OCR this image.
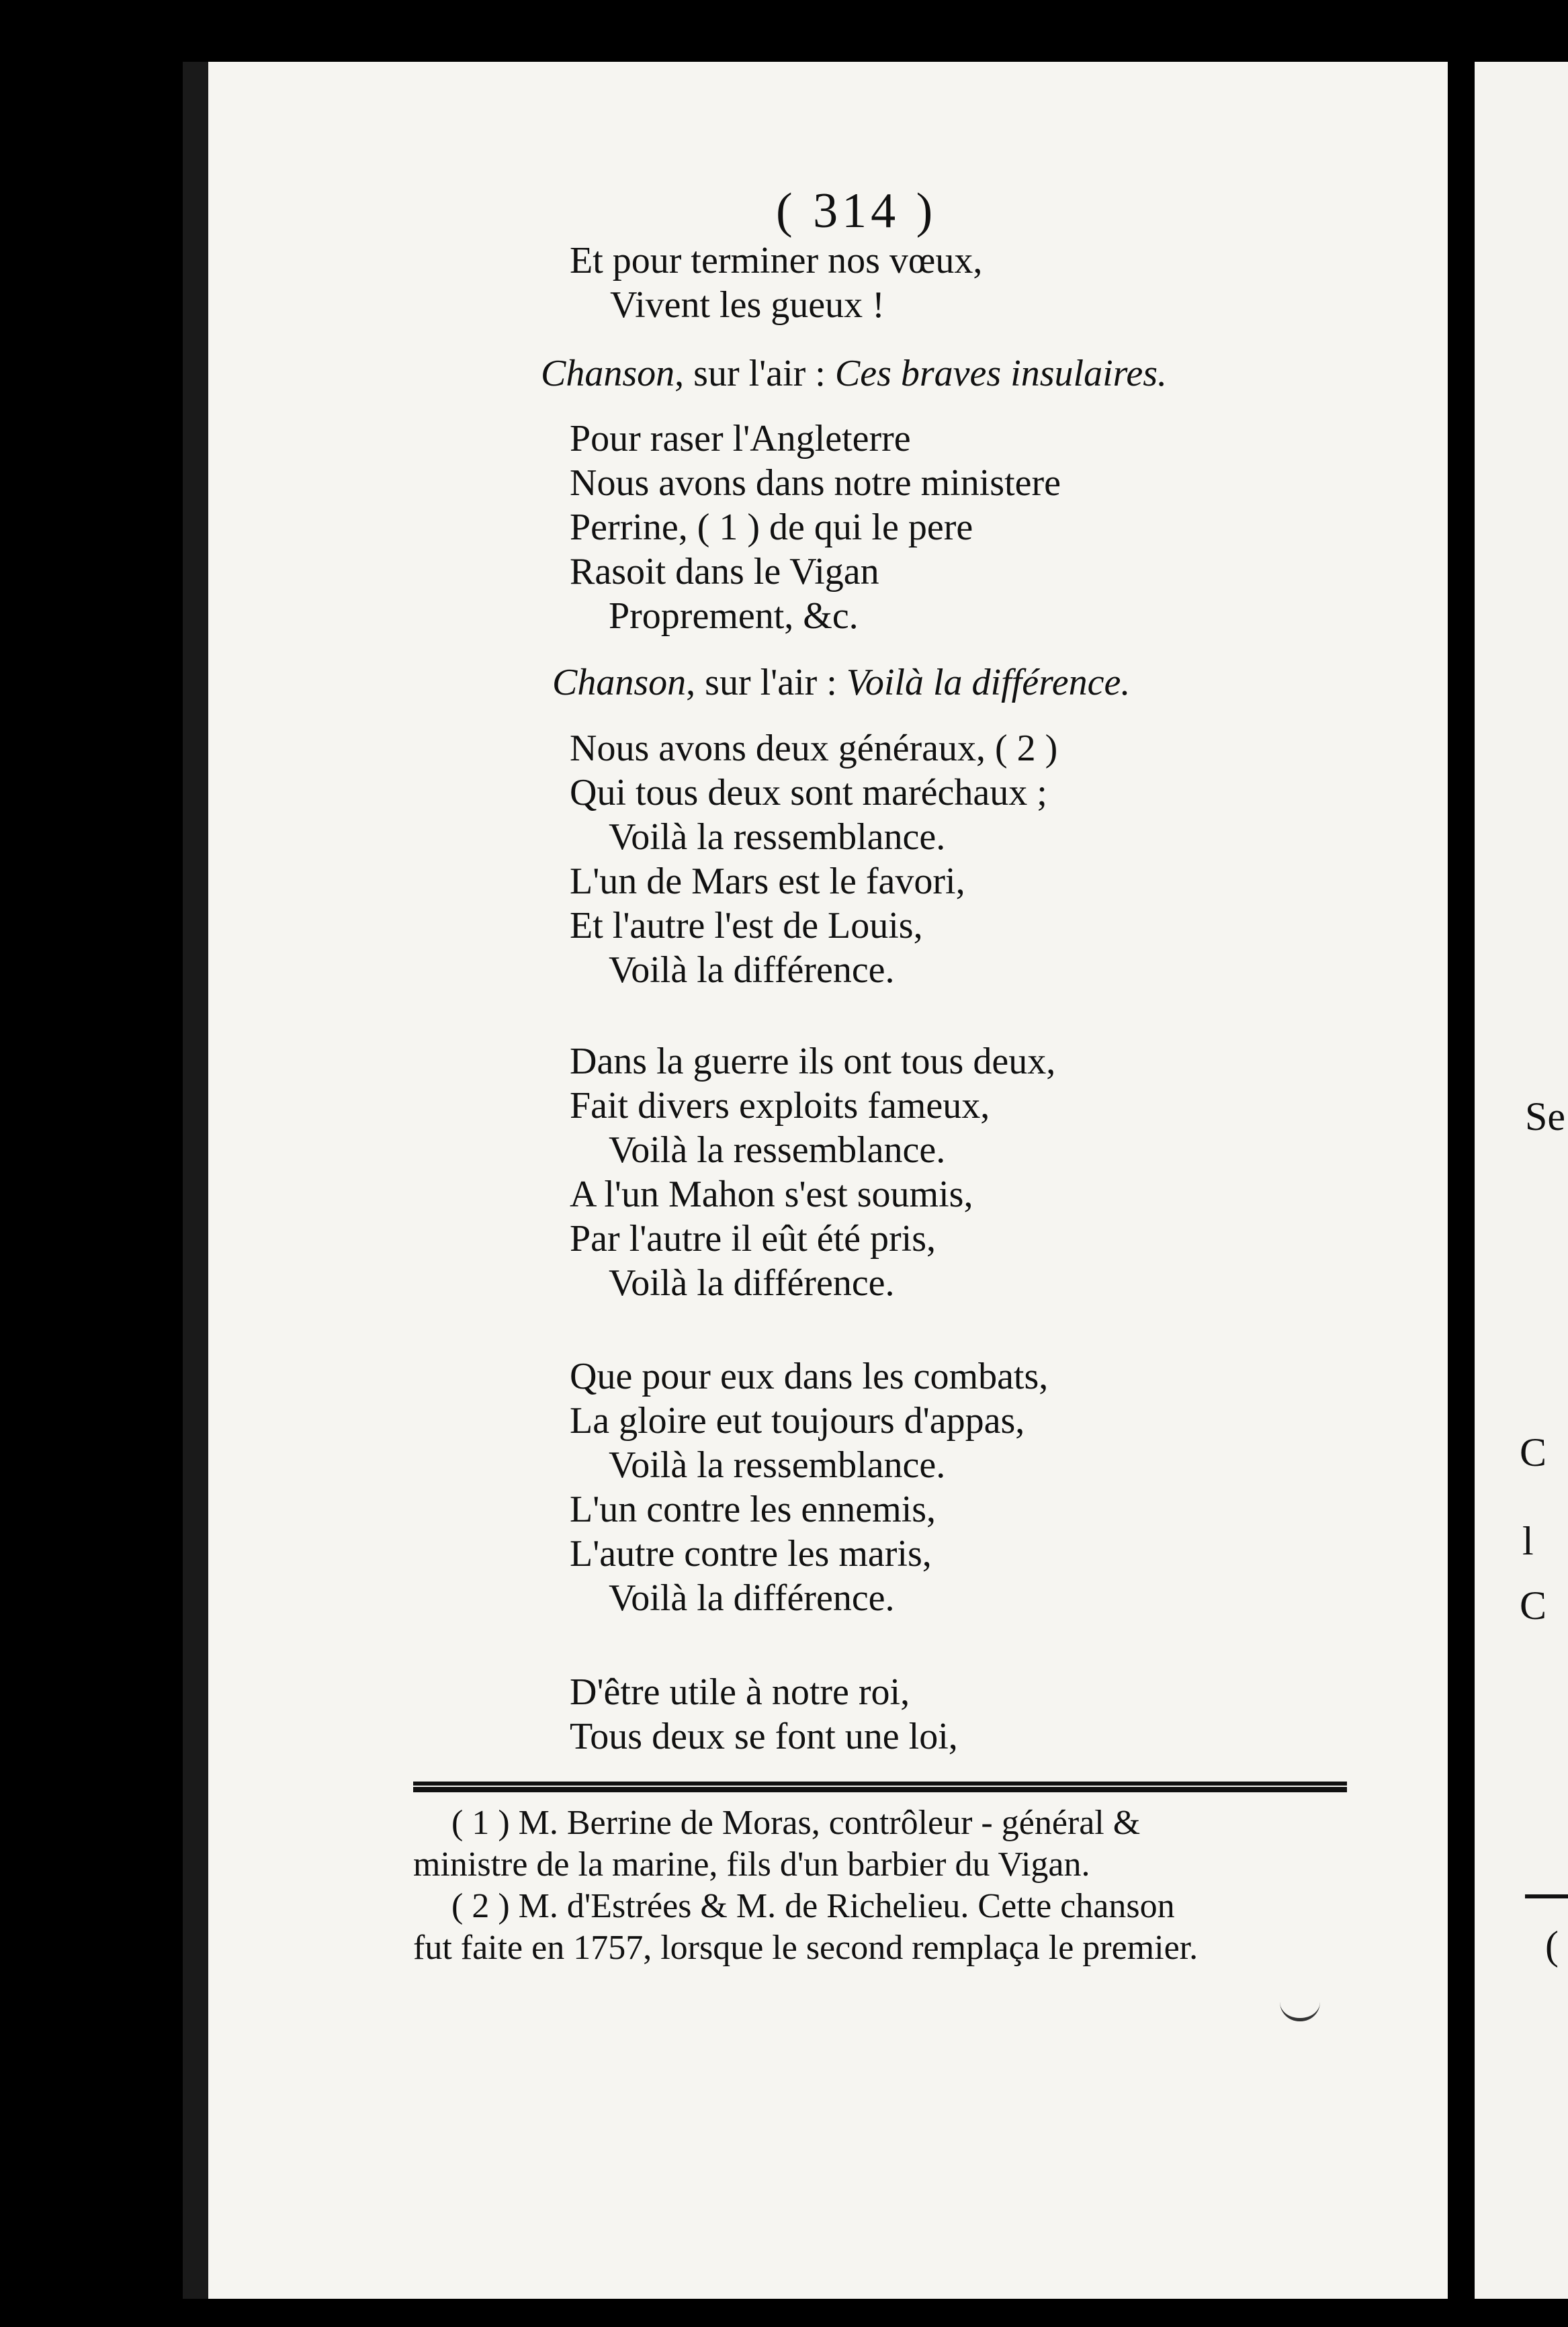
( 314 )
Et pour terminer nos vœux,
Vivent les gueux !
Chanson, sur l'air : Ces braves insulaires.
Pour raser l'Angleterre
Nous avons dans notre ministere
Perrine, ( 1 ) de qui le pere
Rasoit dans le Vigan
Proprement, &c.
Chanson, sur l'air : Voilà la différence.
Nous avons deux généraux, ( 2 )
Qui tous deux sont maréchaux ;
Voilà la ressemblance.
L'un de Mars est le favori,
Et l'autre l'est de Louis,
Voilà la différence.
Dans la guerre ils ont tous deux,
Fait divers exploits fameux,
Voilà la ressemblance.
A l'un Mahon s'est soumis,
Par l'autre il eût été pris,
Voilà la différence.
Que pour eux dans les combats,
La gloire eut toujours d'appas,
Voilà la ressemblance.
L'un contre les ennemis,
L'autre contre les maris,
Voilà la différence.
D'être utile à notre roi,
Tous deux se font une loi,
( 1 ) M. Berrine de Moras, contrôleur - général &
ministre de la marine, fils d'un barbier du Vigan.
( 2 ) M. d'Estrées & M. de Richelieu. Cette chanson
fut faite en 1757, lorsque le second remplaça le premier.
Se
C
l
C
(
